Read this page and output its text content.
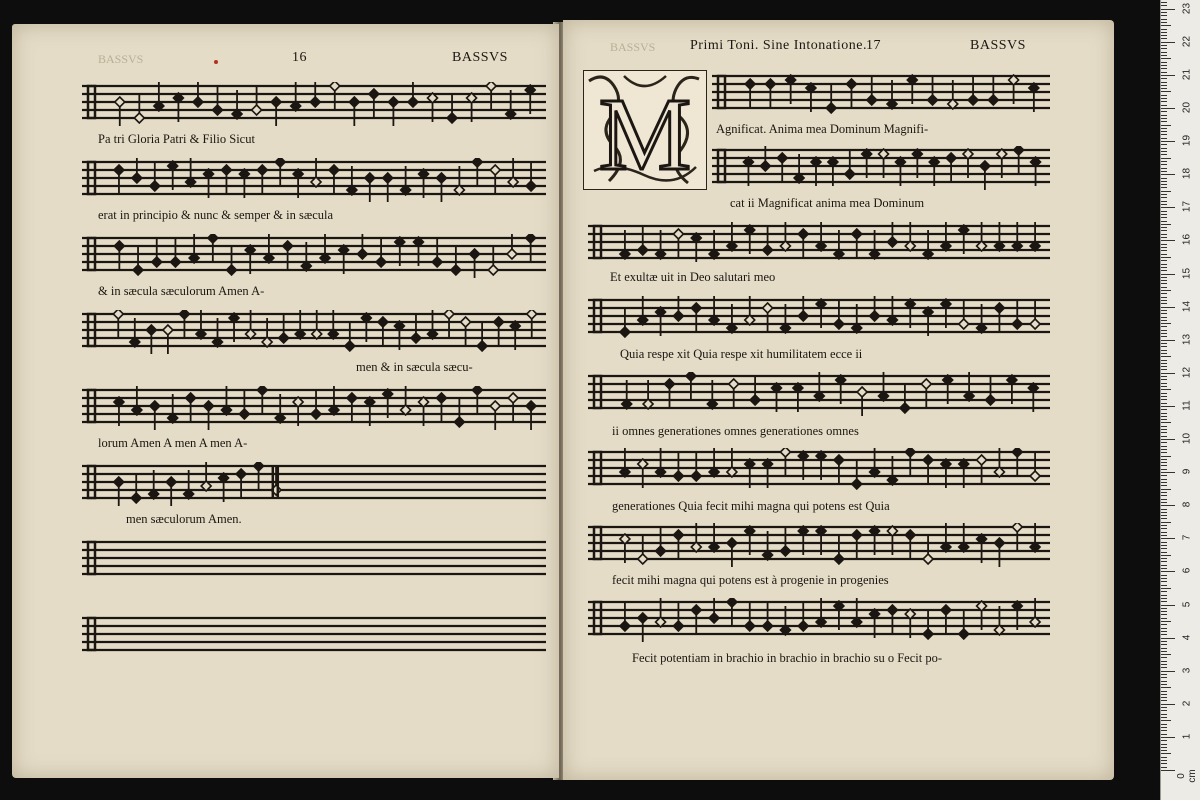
BASSVS	16	BASSVS
BASSVS Primi Toni. Sine Intonatione. 17	BASSVS
M
Pa tri Gloria Patri & Filio Sicut
erat in principio & nunc & semper & in sæcula
& in sæcula sæculorum Amen A-
men & in sæcula sæcu-
lorum Amen A men A men A-
men sæculorum Amen.
Agnificat. Anima mea Dominum Magnifi-
cat ii Magnificat anima mea Dominum
Et exultæ uit in Deo salutari meo
Quia respe xit Quia respe xit humilitatem ecce ii
ii omnes generationes omnes generationes omnes
generationes Quia fecit mihi magna qui potens est Quia
fecit mihi magna qui potens est à progenie in progenies
Fecit potentiam in brachio in brachio in brachio su o Fecit po-
0 cm
1
2
3
4
5
6
7
8
9
10
11
12
13
14
15
16
17
18
19
20
21
22
23
